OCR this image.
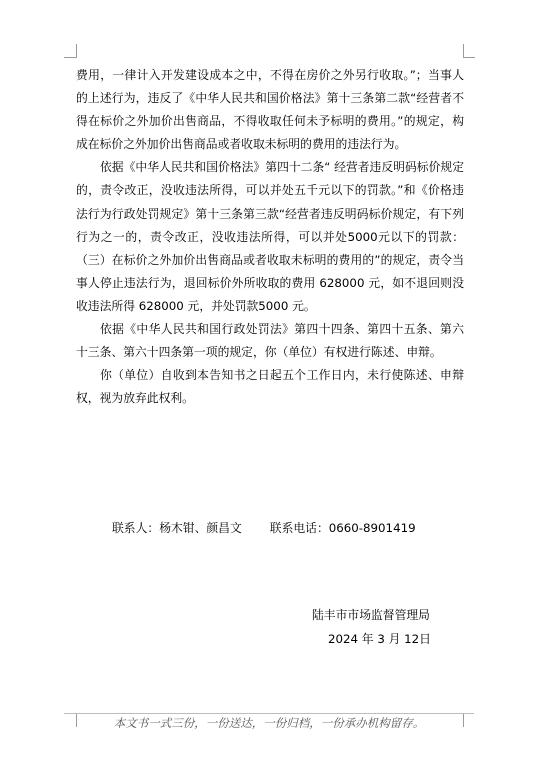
费用，一律计入开发建设成本之中，不得在房价之外另行收取。”；当事人的上述行为，违反了《中华人民共和国价格法》第十三条第二款“经营者不得在标价之外加价出售商品，不得收取任何未予标明的费用。”的规定，构成在标价之外加价出售商品或者收取未标明的费用的违法行为。

依据《中华人民共和国价格法》第四十二条“ 经营者违反明码标价规定的，责令改正，没收违法所得，可以并处五千元以下的罚款。”和《价格违法行为行政处罚规定》第十三条第三款“经营者违反明码标价规定，有下列行为之一的，责令改正，没收违法所得，可以并处5000元以下的罚款：（三）在标价之外加价出售商品或者收取未标明的费用的”的规定，责令当事人停止违法行为，退回标价外所收取的费用 628000 元，如不退回则没收违法所得 628000 元，并处罚款5000 元。

依据《中华人民共和国行政处罚法》第四十四条、第四十五条、第六十三条、第六十四条第一项的规定，你（单位）有权进行陈述、申辩。

你（单位）自收到本告知书之日起五个工作日内，未行使陈述、申辩权，视为放弃此权利。

联系人：杨木钳、颜昌文 联系电话：0660-8901419
陆丰市市场监督管理局
2024 年 3 月 12日
本文书一式三份，一份送达，一份归档，一份承办机构留存。
